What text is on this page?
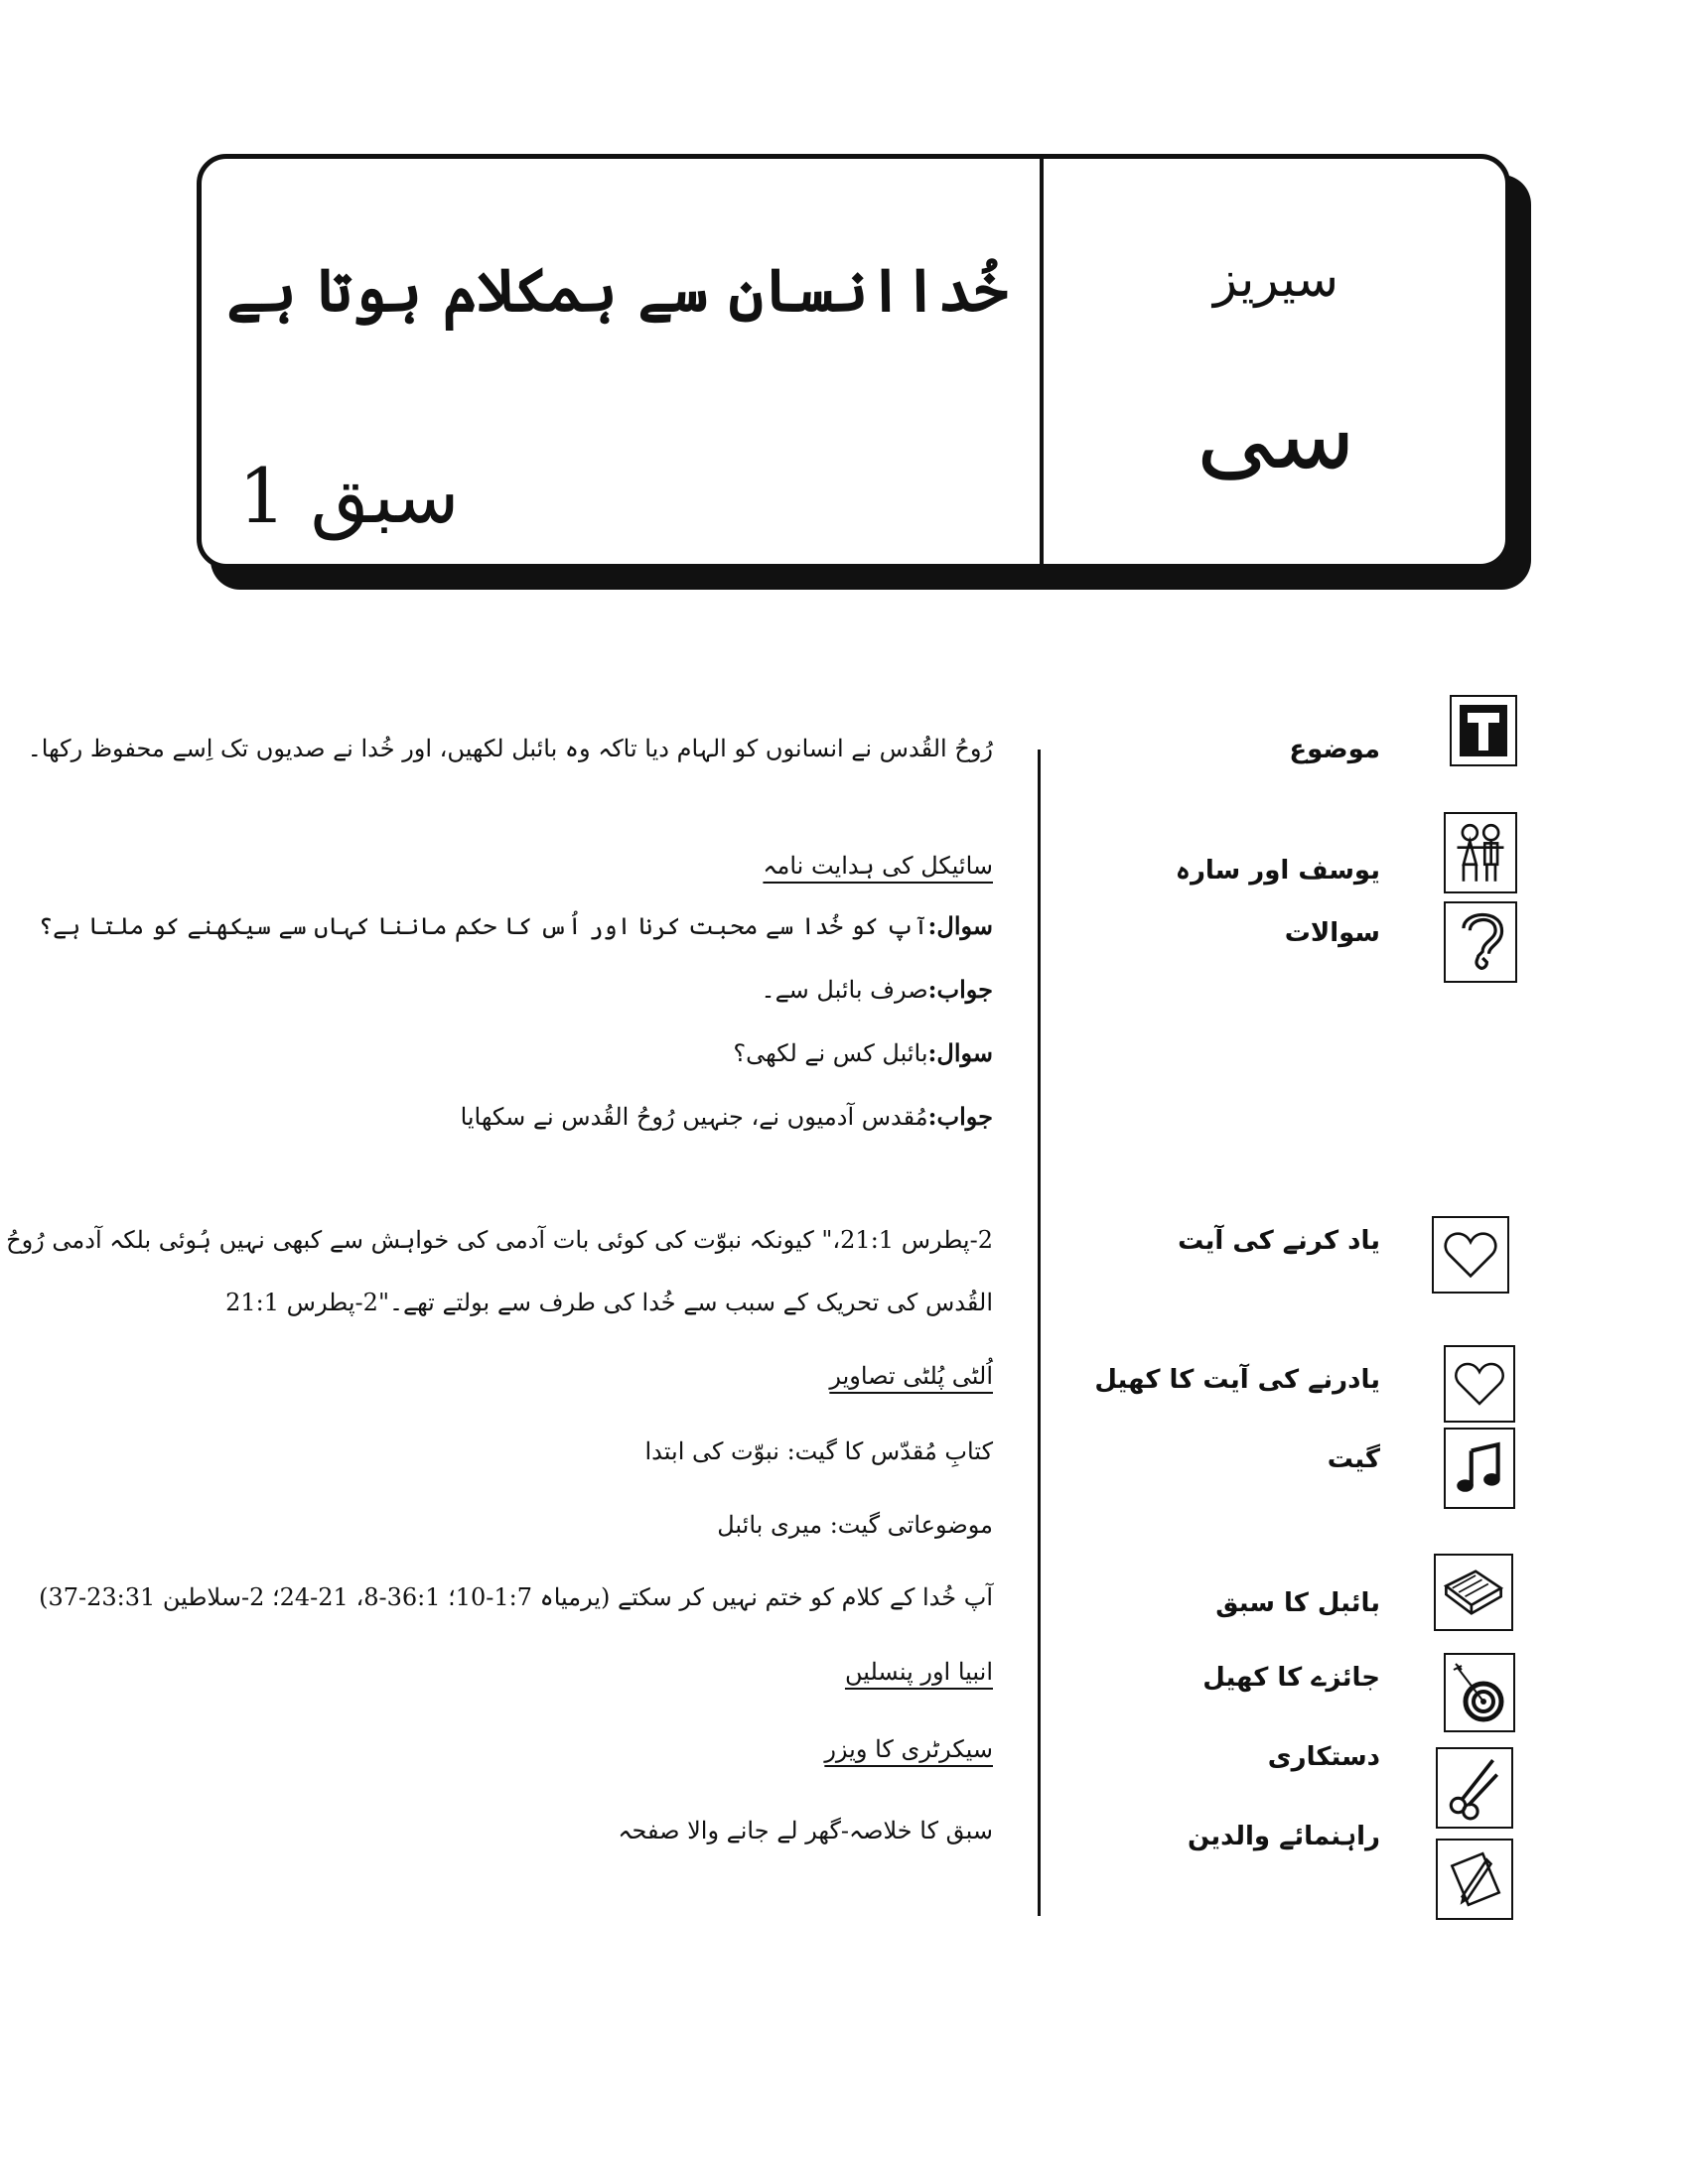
سیریز
سی
خُداانسان سے ہمکلام ہوتا ہے
سبق 1
موضوع
یوسف اور سارہ
سوالات
یاد کرنے کی آیت
یادرنے کی آیت کا کھیل
گیت
بائبل کا سبق
جائزے کا کھیل
دستکاری
راہنمائے والدین
رُوحُ القُدس نے انسانوں کو الہام دیا تاکہ وہ بائبل لکھیں، اور خُدا نے صدیوں تک اِسے محفوظ رکھا۔
سائیکل کی ہدایت نامہ
سوال:آپ کو خُدا سے محبت کرنا اور اُس کا حکم ماننا کہاں سے سیکھنے کو ملتا ہے؟
جواب:صرف بائبل سے۔
سوال:بائبل کس نے لکھی؟
جواب:مُقدس آدمیوں نے، جنہیں رُوحُ القُدس نے سکھایا
2-پطرس 21:1،" کیونکہ نبوّت کی کوئی بات آدمی کی خواہش سے کبھی نہیں ہُوئی بلکہ آدمی رُوحُ
القُدس کی تحریک کے سبب سے خُدا کی طرف سے بولتے تھے۔"2-پطرس 21:1
اُلٹی پُلٹی تصاویر
کتابِ مُقدّس کا گیت: نبوّت کی ابتدا
موضوعاتی گیت: میری بائبل
آپ خُدا کے کلام کو ختم نہیں کر سکتے (یرمیاہ 1:7-10؛ 36:1-8، 21-24؛ 2-سلاطین 23:31-37)
انبیا اور پنسلیں
سیکرٹری کا ویزر
سبق کا خلاصہ-گھر لے جانے والا صفحہ
